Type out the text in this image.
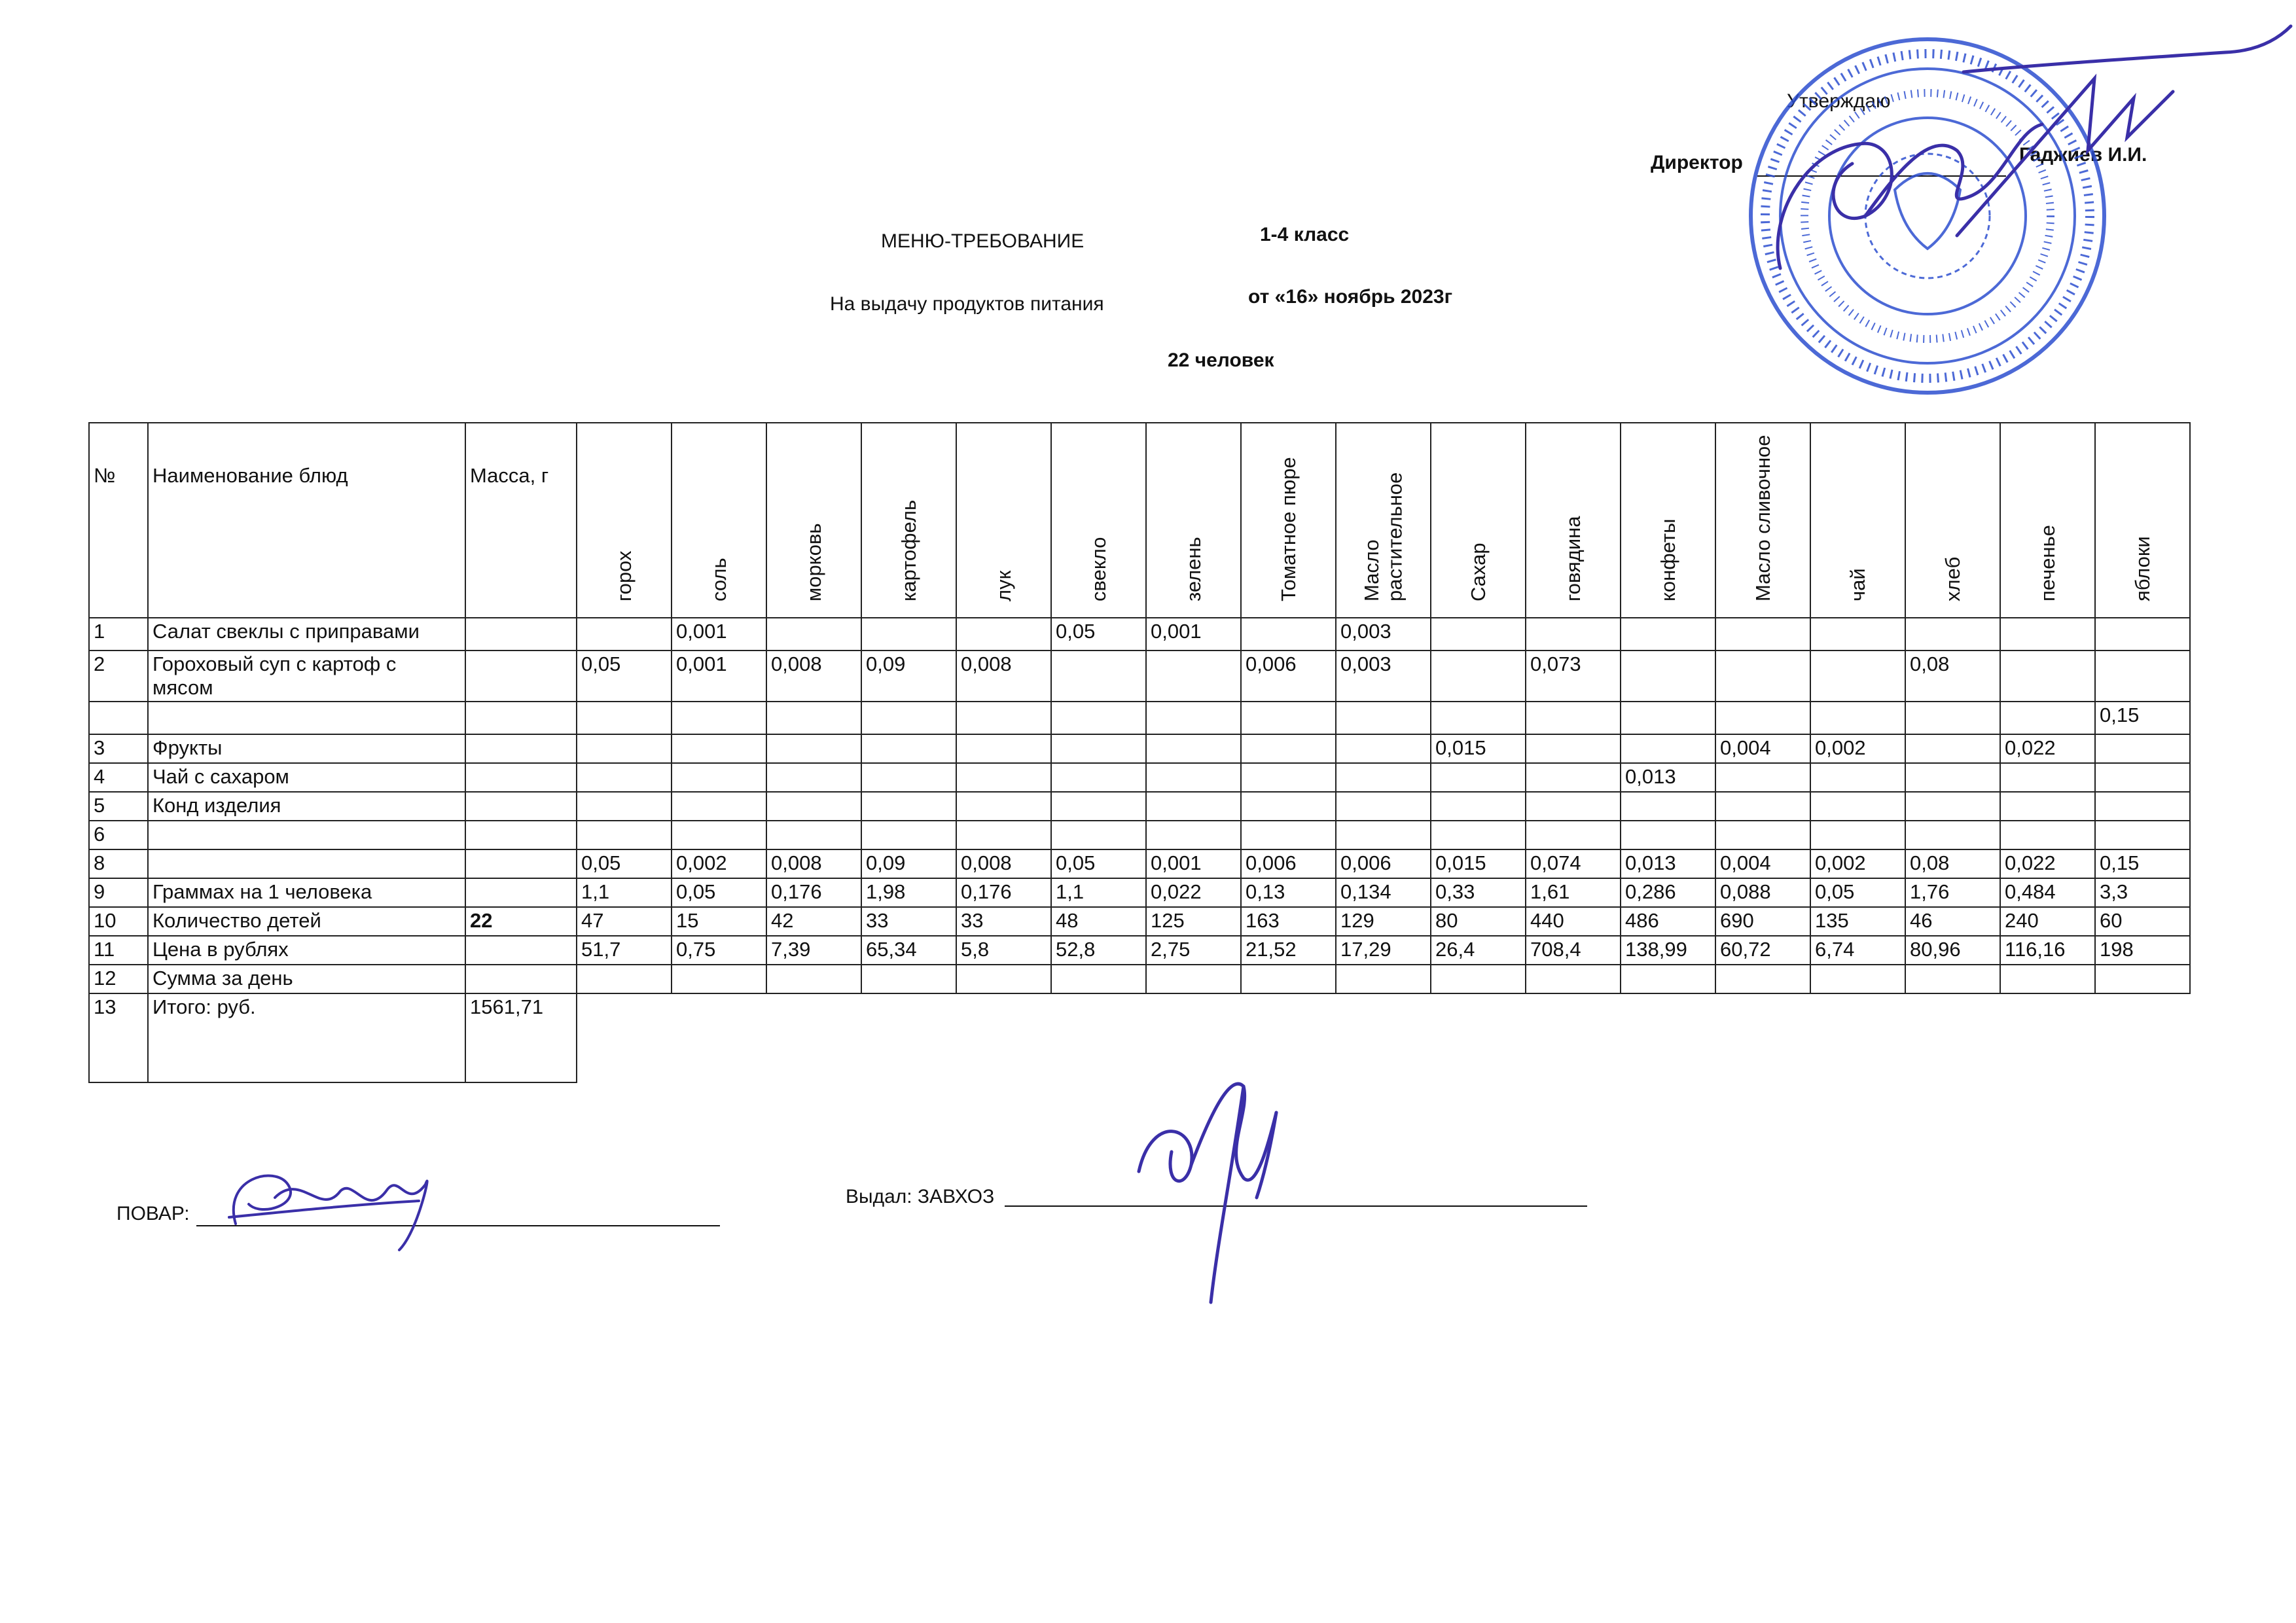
Утверждаю
Директор	Гаджиев И.И.
МЕНЮ-ТРЕБОВАНИЕ	1-4 класс
На выдачу продуктов питания	от «16» ноябрь 2023г
22 человек
№	Наименование блюд	Масса, г	горох	соль	морковь	картофель	лук	свекло	зелень	Томатное пюре	Масло растительное	Сахар	говядина	конфеты	Масло сливочное	чай	хлеб	печенье	яблоки
1	Салат свеклы с приправами			0,001				0,05	0,001		0,003								
2	Гороховый суп с картоф с мясом		0,05	0,001	0,008	0,09	0,008			0,006	0,003		0,073				0,08		
																			0,15
3	Фрукты											0,015			0,004	0,002		0,022	
4	Чай с сахаром													0,013					
5	Конд изделия																		
6																			
8			0,05	0,002	0,008	0,09	0,008	0,05	0,001	0,006	0,006	0,015	0,074	0,013	0,004	0,002	0,08	0,022	0,15
9	Граммах на 1 человека		1,1	0,05	0,176	1,98	0,176	1,1	0,022	0,13	0,134	0,33	1,61	0,286	0,088	0,05	1,76	0,484	3,3
10	Количество детей	22	47	15	42	33	33	48	125	163	129	80	440	486	690	135	46	240	60
11	Цена в рублях		51,7	0,75	7,39	65,34	5,8	52,8	2,75	21,52	17,29	26,4	708,4	138,99	60,72	6,74	80,96	116,16	198
12	Сумма за день																		
13	Итого: руб.	1561,71																	
ПОВАР:
Выдал: ЗАВХОЗ
